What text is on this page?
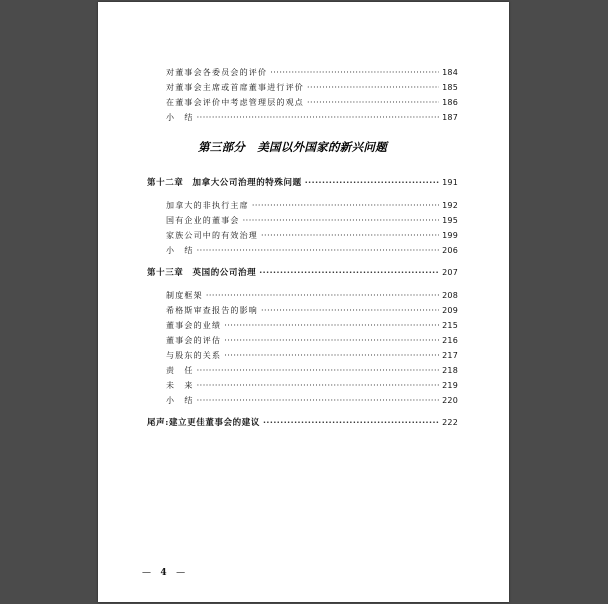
对董事会各委员会的评价 ·····	184
对董事会主席或首席董事进行评价 ·····	185
在董事会评价中考虑管理层的观点 ·····	186
小　结 ·····	187
第三部分 美国以外国家的新兴问题
第十二章　加拿大公司治理的特殊问题 ·····	191
加拿大的非执行主席 ·····	192
国有企业的董事会 ·····	195
家族公司中的有效治理 ·····	199
小　结 ·····	206
第十三章　英国的公司治理 ·····	207
制度框架 ·····	208
希格斯审查报告的影响 ·····	209
董事会的业绩 ·····	215
董事会的评估 ·····	216
与股东的关系 ·····	217
责　任 ·····	218
未　来 ·····	219
小　结 ·····	220
尾声:建立更佳董事会的建议 ·····	222
— 4 —
